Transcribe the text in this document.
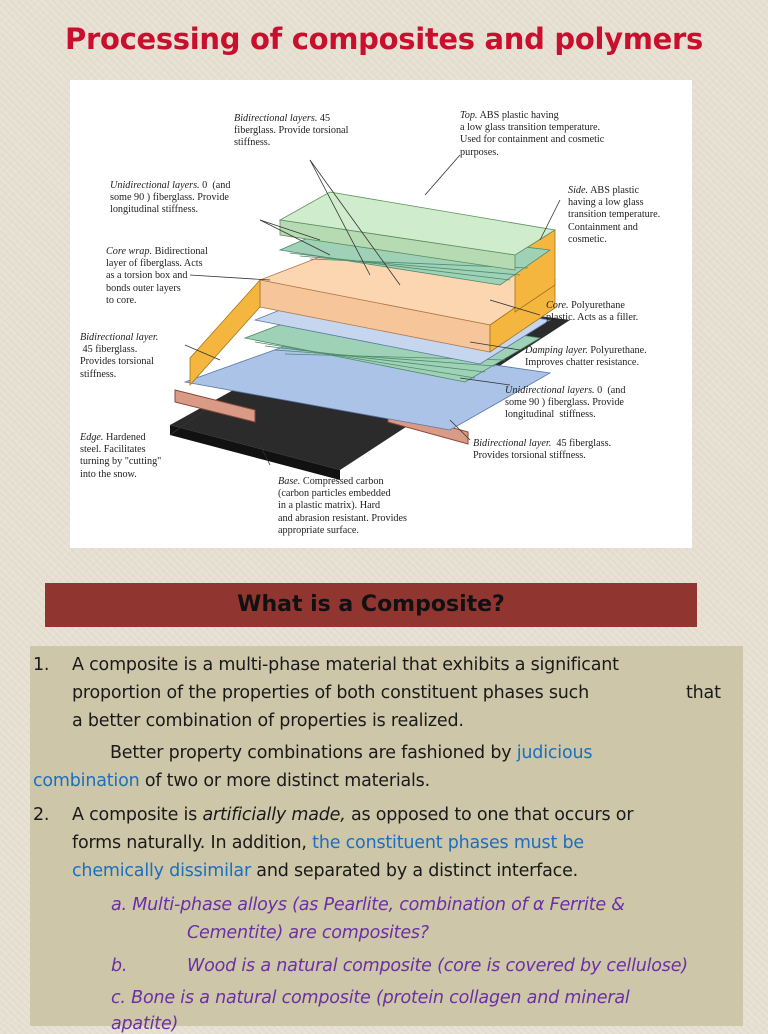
Processing of composites and polymers
Bidirectional layers. 45
fiberglass. Provide torsional
stiffness.
Top. ABS plastic having
a low glass transition temperature.
Used for containment and cosmetic
purposes.
Unidirectional layers. 0  (and
some 90 ) fiberglass. Provide
longitudinal stiffness.
Side. ABS plastic
having a low glass
transition temperature.
Containment and
cosmetic.
Core wrap. Bidirectional
layer of fiberglass. Acts
as a torsion box and
bonds outer layers
to core.	Core. Polyurethane
plastic. Acts as a filler.
Bidirectional layer.
45 fiberglass.
Provides torsional
stiffness.
Damping layer. Polyurethane.
Improves chatter resistance.
Unidirectional layers. 0  (and
some 90 ) fiberglass. Provide
longitudinal  stiffness.
Edge. Hardened
steel. Facilitates
turning by "cutting"
into the snow.
Bidirectional layer.  45 fiberglass.
Provides torsional stiffness.
Base. Compressed carbon
(carbon particles embedded
in a plastic matrix). Hard
and abrasion resistant. Provides
appropriate surface.
What is a Composite?
1. A composite is a multi-phase material that exhibits a significant
proportion of the properties of both constituent phases such	that
a better combination of properties is realized.
Better property combinations are fashioned by judicious
combination of two or more distinct materials.
2. A composite is artificially made, as opposed to one that occurs or
forms naturally. In addition, the constituent phases must be
chemically dissimilar and separated by a distinct interface.
a. Multi-phase alloys (as Pearlite, combination of α Ferrite &
Cementite) are composites?
b.	Wood is a natural composite (core is covered by cellulose)
c. Bone is a natural composite (protein collagen and mineral
apatite)
